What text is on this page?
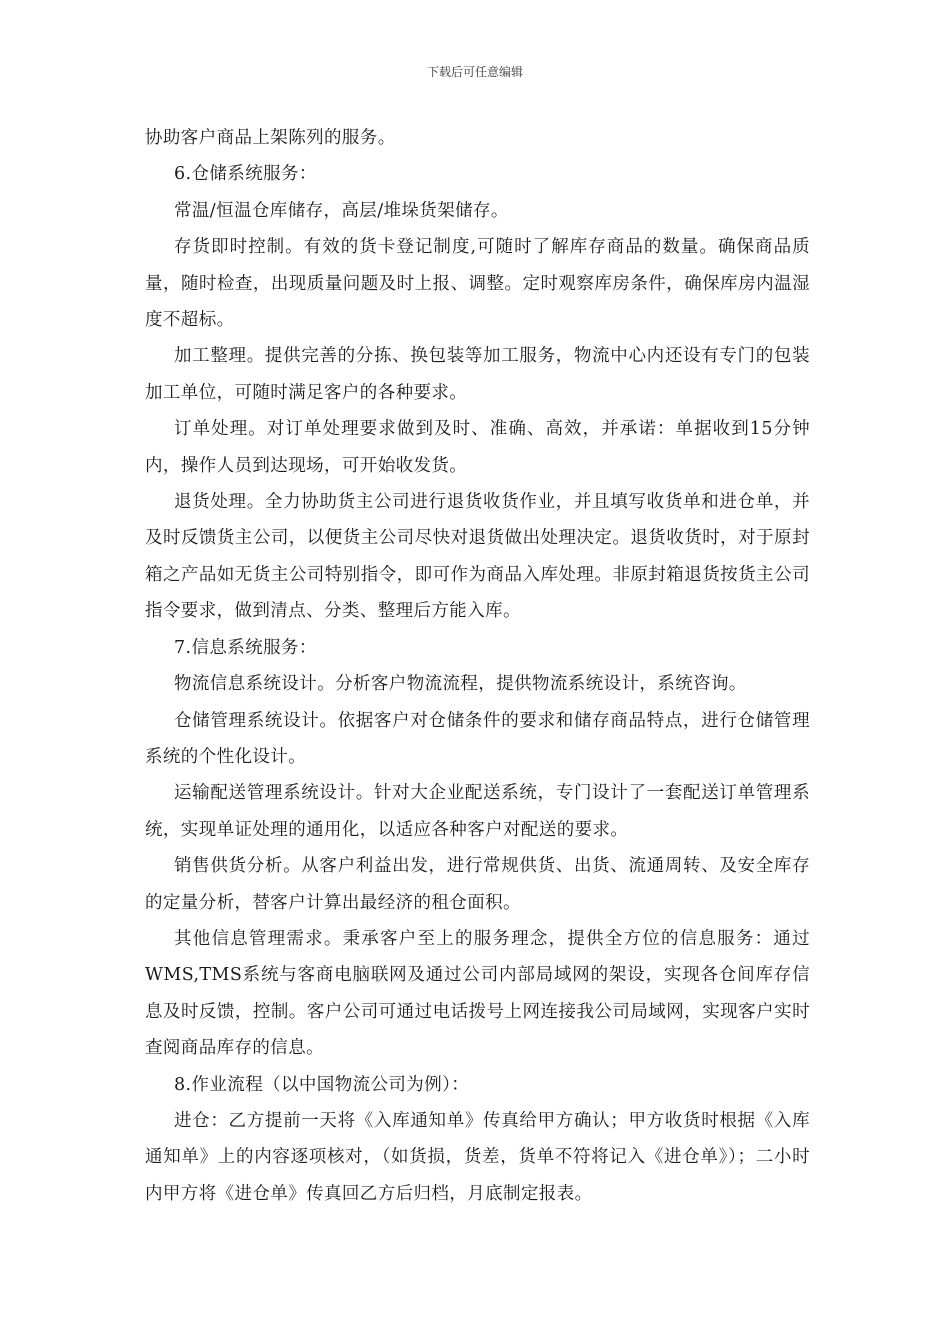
下载后可任意编辑

协助客户商品上架陈列的服务。

6.仓储系统服务：

常温/恒温仓库储存，高层/堆垛货架储存。

存货即时控制。有效的货卡登记制度,可随时了解库存商品的数量。确保商品质量，随时检查，出现质量问题及时上报、调整。定时观察库房条件，确保库房内温湿度不超标。

加工整理。提供完善的分拣、换包装等加工服务，物流中心内还设有专门的包装加工单位，可随时满足客户的各种要求。

订单处理。对订单处理要求做到及时、准确、高效，并承诺：单据收到15分钟内，操作人员到达现场，可开始收发货。

退货处理。全力协助货主公司进行退货收货作业，并且填写收货单和进仓单，并及时反馈货主公司，以便货主公司尽快对退货做出处理决定。退货收货时，对于原封箱之产品如无货主公司特别指令，即可作为商品入库处理。非原封箱退货按货主公司指令要求，做到清点、分类、整理后方能入库。

7.信息系统服务：

物流信息系统设计。分析客户物流流程，提供物流系统设计，系统咨询。

仓储管理系统设计。依据客户对仓储条件的要求和储存商品特点，进行仓储管理系统的个性化设计。

运输配送管理系统设计。针对大企业配送系统，专门设计了一套配送订单管理系统，实现单证处理的通用化，以适应各种客户对配送的要求。

销售供货分析。从客户利益出发，进行常规供货、出货、流通周转、及安全库存的定量分析，替客户计算出最经济的租仓面积。

其他信息管理需求。秉承客户至上的服务理念，提供全方位的信息服务：通过WMS,TMS系统与客商电脑联网及通过公司内部局域网的架设，实现各仓间库存信息及时反馈，控制。客户公司可通过电话拨号上网连接我公司局域网，实现客户实时查阅商品库存的信息。

8.作业流程（以中国物流公司为例）：

进仓：乙方提前一天将《入库通知单》传真给甲方确认；甲方收货时根据《入库通知单》上的内容逐项核对，（如货损，货差，货单不符将记入《进仓单》）；二小时内甲方将《进仓单》传真回乙方后归档，月底制定报表。
